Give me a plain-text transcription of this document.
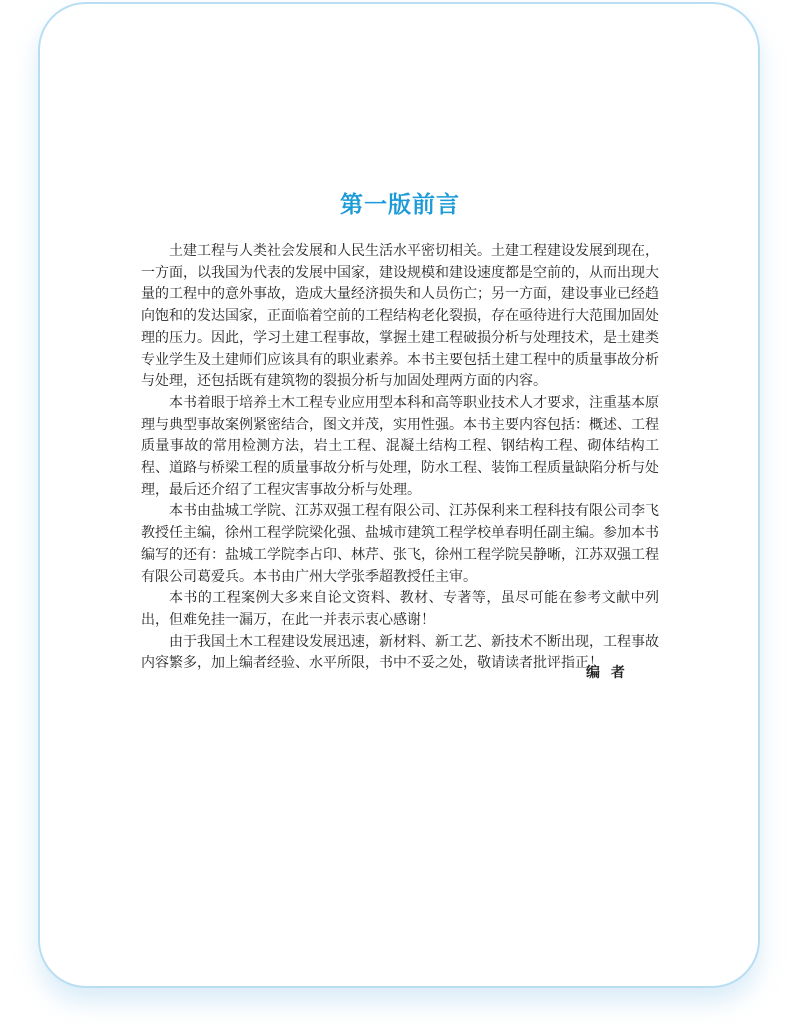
第一版前言

土建工程与人类社会发展和人民生活水平密切相关。土建工程建设发展到现在，一方面，以我国为代表的发展中国家，建设规模和建设速度都是空前的，从而出现大量的工程中的意外事故，造成大量经济损失和人员伤亡；另一方面，建设事业已经趋向饱和的发达国家，正面临着空前的工程结构老化裂损，存在亟待进行大范围加固处理的压力。因此，学习土建工程事故，掌握土建工程破损分析与处理技术，是土建类专业学生及土建师们应该具有的职业素养。本书主要包括土建工程中的质量事故分析与处理，还包括既有建筑物的裂损分析与加固处理两方面的内容。

本书着眼于培养土木工程专业应用型本科和高等职业技术人才要求，注重基本原理与典型事故案例紧密结合，图文并茂，实用性强。本书主要内容包括：概述、工程质量事故的常用检测方法，岩土工程、混凝土结构工程、钢结构工程、砌体结构工程、道路与桥梁工程的质量事故分析与处理，防水工程、装饰工程质量缺陷分析与处理，最后还介绍了工程灾害事故分析与处理。

本书由盐城工学院、江苏双强工程有限公司、江苏保利来工程科技有限公司李飞教授任主编，徐州工程学院梁化强、盐城市建筑工程学校单春明任副主编。参加本书编写的还有：盐城工学院李占印、林芹、张飞，徐州工程学院吴静晰，江苏双强工程有限公司葛爱兵。本书由广州大学张季超教授任主审。

本书的工程案例大多来自论文资料、教材、专著等，虽尽可能在参考文献中列出，但难免挂一漏万，在此一并表示衷心感谢！

由于我国土木工程建设发展迅速，新材料、新工艺、新技术不断出现，工程事故内容繁多，加上编者经验、水平所限，书中不妥之处，敬请读者批评指正！

编 者
